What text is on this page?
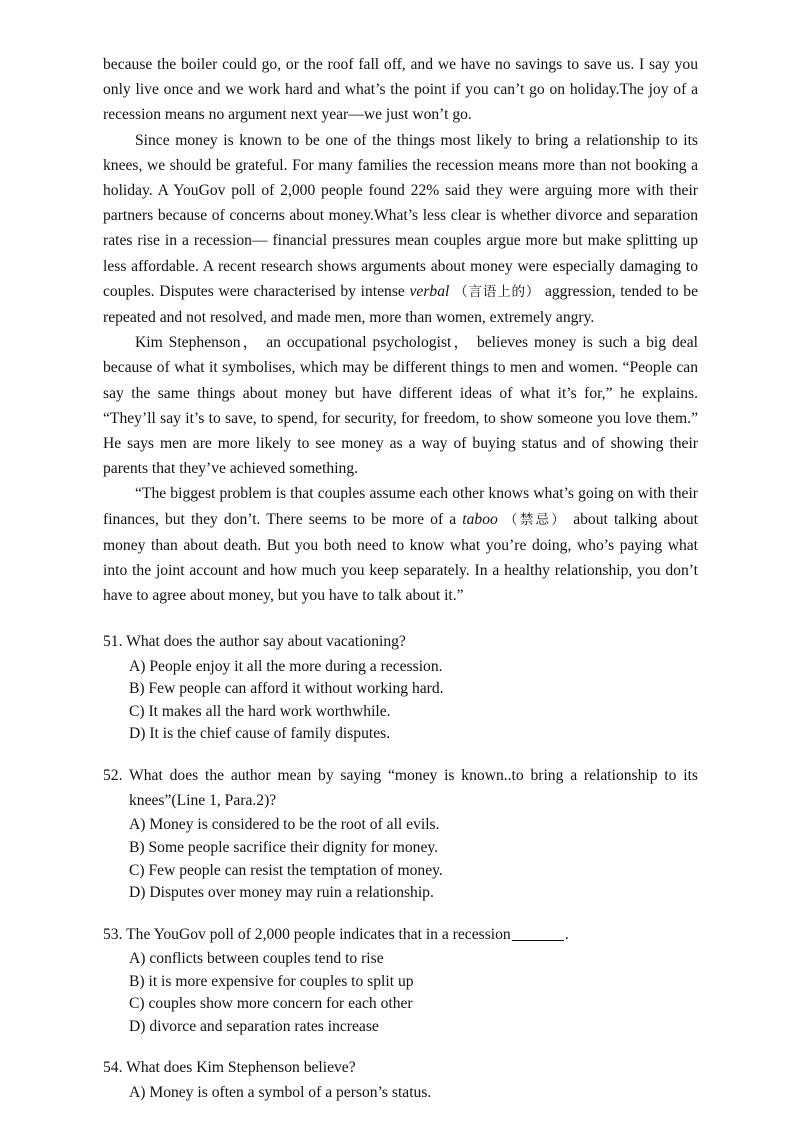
because the boiler could go, or the roof fall off, and we have no savings to save us. I say you only live once and we work hard and what’s the point if you can’t go on holiday.The joy of a recession means no argument next year—we just won’t go.

Since money is known to be one of the things most likely to bring a relationship to its knees, we should be grateful. For many families the recession means more than not booking a holiday. A YouGov poll of 2,000 people found 22% said they were arguing more with their partners because of concerns about money.What’s less clear is whether divorce and separation rates rise in a recession— financial pressures mean couples argue more but make splitting up less affordable. A recent research shows arguments about money were especially damaging to couples. Disputes were characterised by intense verbal （言语上的） aggression, tended to be repeated and not resolved, and made men, more than women, extremely angry.

Kim Stephenson， an occupational psychologist， believes money is such a big deal because of what it symbolises, which may be different things to men and women. “People can say the same things about money but have different ideas of what it’s for,” he explains. “They’ll say it’s to save, to spend, for security, for freedom, to show someone you love them.” He says men are more likely to see money as a way of buying status and of showing their parents that they’ve achieved something.

“The biggest problem is that couples assume each other knows what’s going on with their finances, but they don’t. There seems to be more of a taboo （禁忌） about talking about money than about death. But you both need to know what you’re doing, who’s paying what into the joint account and how much you keep separately. In a healthy relationship, you don’t have to agree about money, but you have to talk about it.”

51. What does the author say about vacationing?

A) People enjoy it all the more during a recession.

B) Few people can afford it without working hard.

C) It makes all the hard work worthwhile.

D) It is the chief cause of family disputes.

52. What does the author mean by saying “money is known..to bring a relationship to its knees”(Line 1, Para.2)?

A) Money is considered to be the root of all evils.

B) Some people sacrifice their dignity for money.

C) Few people can resist the temptation of money.

D) Disputes over money may ruin a relationship.

53. The YouGov poll of 2,000 people indicates that in a recession	.

A) conflicts between couples tend to rise

B) it is more expensive for couples to split up

C) couples show more concern for each other

D) divorce and separation rates increase

54. What does Kim Stephenson believe?

A) Money is often a symbol of a person’s status.
